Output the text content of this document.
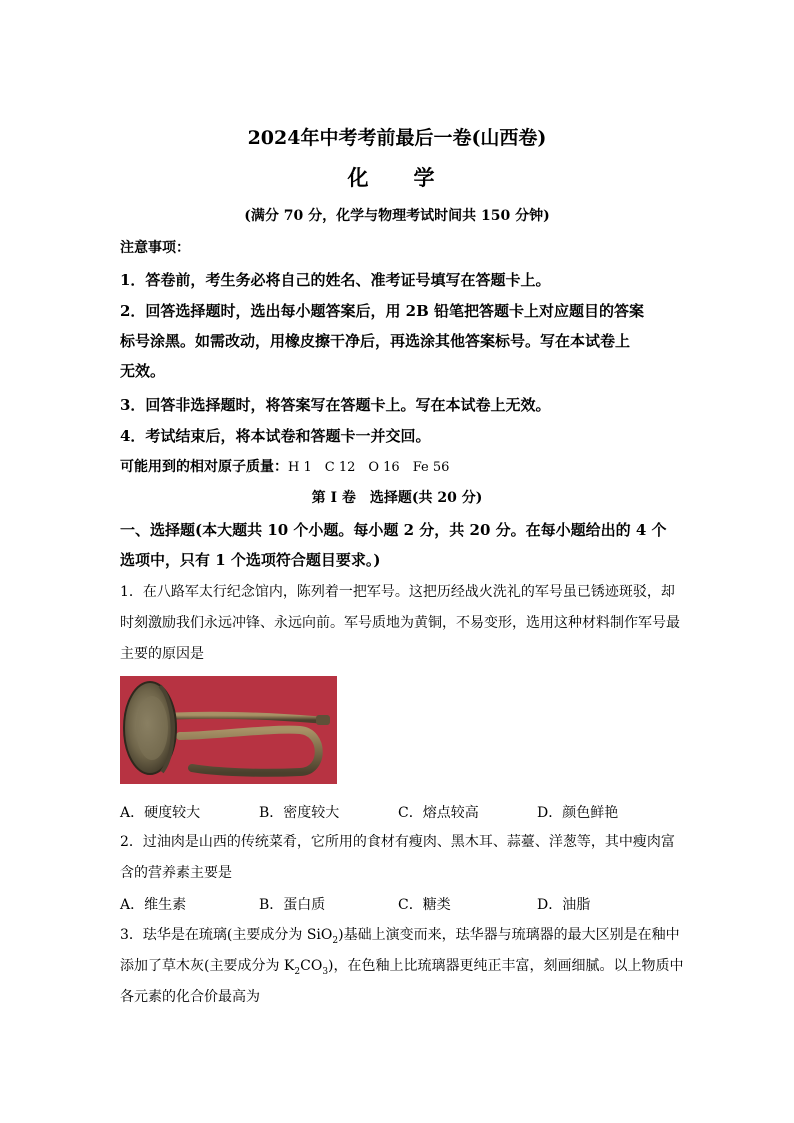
2024年中考考前最后一卷(山西卷)
化　学
(满分 70 分，化学与物理考试时间共 150 分钟)
注意事项：
1．答卷前，考生务必将自己的姓名、准考证号填写在答题卡上。
2．回答选择题时，选出每小题答案后，用 2B 铅笔把答题卡上对应题目的答案
标号涂黑。如需改动，用橡皮擦干净后，再选涂其他答案标号。写在本试卷上
无效。
3．回答非选择题时，将答案写在答题卡上。写在本试卷上无效。
4．考试结束后，将本试卷和答题卡一并交回。
可能用到的相对原子质量：H 1　C 12　O 16　Fe 56
第 I 卷　选择题(共 20 分)
一、选择题(本大题共 10 个小题。每小题 2 分，共 20 分。在每小题给出的 4 个
选项中，只有 1 个选项符合题目要求。)
1．在八路军太行纪念馆内，陈列着一把军号。这把历经战火洗礼的军号虽已锈迹斑驳，却
时刻激励我们永远冲锋、永远向前。军号质地为黄铜，不易变形，选用这种材料制作军号最
主要的原因是
A．硬度较大	B．密度较大	C．熔点较高	D．颜色鲜艳
2．过油肉是山西的传统菜肴，它所用的食材有瘦肉、黑木耳、蒜薹、洋葱等，其中瘦肉富
含的营养素主要是
A．维生素	B．蛋白质	C．糖类	D．油脂
3．珐华是在琉璃(主要成分为 SiO$_2$)基础上演变而来，珐华器与琉璃器的最大区别是在釉中
添加了草木灰(主要成分为 $K_2CO_3$)，在色釉上比琉璃器更纯正丰富，刻画细腻。以上物质中
各元素的化合价最高为
